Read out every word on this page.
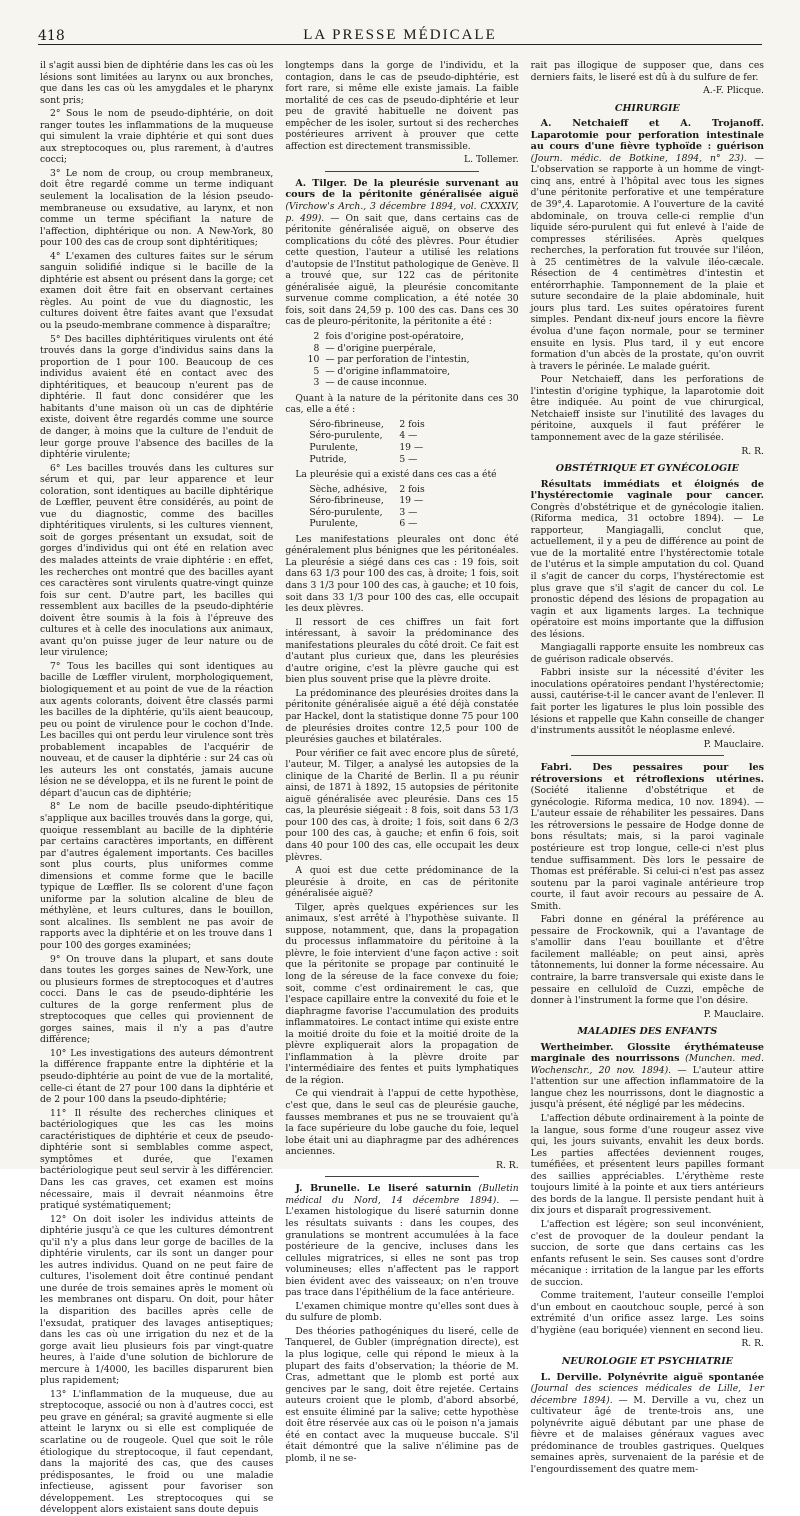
418	LA PRESSE MÉDICALE

il s'agit aussi bien de diphtérie dans les cas où les lésions sont limitées au larynx ou aux bronches, que dans les cas où les amygdales et le pharynx sont pris;

2° Sous le nom de pseudo-diphtérie, on doit ranger toutes les inflammations de la muqueuse qui simulent la vraie diphtérie et qui sont dues aux streptocoques ou, plus rarement, à d'autres cocci;

3° Le nom de croup, ou croup membraneux, doit être regardé comme un terme indiquant seulement la localisation de la lésion pseudo-membraneuse ou exsudative, au larynx, et non comme un terme spécifiant la nature de l'affection, diphtérique ou non. A New-York, 80 pour 100 des cas de croup sont diphtéritiques;

4° L'examen des cultures faites sur le sérum sanguin solidifié indique si le bacille de la diphtérie est absent ou présent dans la gorge; cet examen doit être fait en observant certaines règles. Au point de vue du diagnostic, les cultures doivent être faites avant que l'exsudat ou la pseudo-membrane commence à disparaître;

5° Des bacilles diphtéritiques virulents ont été trouvés dans la gorge d'individus sains dans la proportion de 1 pour 100. Beaucoup de ces individus avaient été en contact avec des diphtéritiques, et beaucoup n'eurent pas de diphtérie. Il faut donc considérer que les habitants d'une maison où un cas de diphtérie existe, doivent être regardés comme une source de danger, à moins que la culture de l'enduit de leur gorge prouve l'absence des bacilles de la diphtérie virulente;

6° Les bacilles trouvés dans les cultures sur sérum et qui, par leur apparence et leur coloration, sont identiques au bacille diphtérique de Lœffler, peuvent être considérés, au point de vue du diagnostic, comme des bacilles diphtéritiques virulents, si les cultures viennent, soit de gorges présentant un exsudat, soit de gorges d'individus qui ont été en relation avec des malades atteints de vraie diphtérie : en effet, les recherches ont montré que des bacilles ayant ces caractères sont virulents quatre-vingt quinze fois sur cent. D'autre part, les bacilles qui ressemblent aux bacilles de la pseudo-diphtérie doivent être soumis à la fois à l'épreuve des cultures et à celle des inoculations aux animaux, avant qu'on puisse juger de leur nature ou de leur virulence;

7° Tous les bacilles qui sont identiques au bacille de Lœffler virulent, morphologiquement, biologiquement et au point de vue de la réaction aux agents colorants, doivent être classés parmi les bacilles de la diphtérie, qu'ils aient beaucoup, peu ou point de virulence pour le cochon d'Inde. Les bacilles qui ont perdu leur virulence sont très probablement incapables de l'acquérir de nouveau, et de causer la diphtérie : sur 24 cas où les auteurs les ont constatés, jamais aucune lésion ne se développa, et ils ne furent le point de départ d'aucun cas de diphtérie;

8° Le nom de bacille pseudo-diphtéritique s'applique aux bacilles trouvés dans la gorge, qui, quoique ressemblant au bacille de la diphtérie par certains caractères importants, en diffèrent par d'autres également importants. Ces bacilles sont plus courts, plus uniformes comme dimensions et comme forme que le bacille typique de Lœffler. Ils se colorent d'une façon uniforme par la solution alcaline de bleu de méthylène, et leurs cultures, dans le bouillon, sont alcalines. Ils semblent ne pas avoir de rapports avec la diphtérie et on les trouve dans 1 pour 100 des gorges examinées;

9° On trouve dans la plupart, et sans doute dans toutes les gorges saines de New-York, une ou plusieurs formes de streptocoques et d'autres cocci. Dans le cas de pseudo-diphtérie les cultures de la gorge renferment plus de streptocoques que celles qui proviennent de gorges saines, mais il n'y a pas d'autre différence;

10° Les investigations des auteurs démontrent la différence frappante entre la diphtérie et la pseudo-diphtérie au point de vue de la mortalité, celle-ci étant de 27 pour 100 dans la diphtérie et de 2 pour 100 dans la pseudo-diphtérie;

11° Il résulte des recherches cliniques et bactériologiques que les cas les moins caractéristiques de diphtérie et ceux de pseudo-diphtérie sont si semblables comme aspect, symptômes et durée, que l'examen bactériologique peut seul servir à les différencier. Dans les cas graves, cet examen est moins nécessaire, mais il devrait néanmoins être pratiqué systématiquement;

12° On doit isoler les individus atteints de diphtérie jusqu'à ce que les cultures démontrent qu'il n'y a plus dans leur gorge de bacilles de la diphtérie virulents, car ils sont un danger pour les autres individus. Quand on ne peut faire de cultures, l'isolement doit être continué pendant une durée de trois semaines après le moment où les membranes ont disparu. On doit, pour hâter la disparition des bacilles après celle de l'exsudat, pratiquer des lavages antiseptiques; dans les cas où une irrigation du nez et de la gorge avait lieu plusieurs fois par vingt-quatre heures, à l'aide d'une solution de bichlorure de mercure à 1/4000, les bacilles disparurent bien plus rapidement;

13° L'inflammation de la muqueuse, due au streptocoque, associé ou non à d'autres cocci, est peu grave en général; sa gravité augmente si elle atteint le larynx ou si elle est compliquée de scarlatine ou de rougeole. Quel que soit le rôle étiologique du streptocoque, il faut cependant, dans la majorité des cas, que des causes prédisposantes, le froid ou une maladie infectieuse, agissent pour favoriser son développement. Les streptocoques qui se développent alors existaient sans doute depuis

longtemps dans la gorge de l'individu, et la contagion, dans le cas de pseudo-diphtérie, est fort rare, si même elle existe jamais. La faible mortalité de ces cas de pseudo-diphtérie et leur peu de gravité habituelle ne doivent pas empêcher de les isoler, surtout si des recherches postérieures arrivent à prouver que cette affection est directement transmissible.

L. Tollemer.

A. Tilger. De la pleurésie survenant au cours de la péritonite généralisée aiguë (Virchow's Arch., 3 décembre 1894, vol. CXXXIV, p. 499). — On sait que, dans certains cas de péritonite généralisée aiguë, on observe des complications du côté des plèvres. Pour étudier cette question, l'auteur a utilisé les relations d'autopsie de l'Institut pathologique de Genève. Il a trouvé que, sur 122 cas de péritonite généralisée aiguë, la pleurésie concomitante survenue comme complication, a été notée 30 fois, soit dans 24,59 p. 100 des cas. Dans ces 30 cas de pleuro-péritonite, la péritonite a été :

2 fois d'origine post-opératoire,
8 — d'origine puerpérale,
10 — par perforation de l'intestin,
5 — d'origine inflammatoire,
3 — de cause inconnue.

Quant à la nature de la péritonite dans ces 30 cas, elle a été :

Séro-fibrineuse,	2 fois
Séro-purulente,	4 —
Purulente,	19 —
Putride,	5 —

La pleurésie qui a existé dans ces cas a été

Sèche, adhésive,	2 fois
Séro-fibrineuse,	19 —
Séro-purulente,	3 —
Purulente,	6 —

Les manifestations pleurales ont donc été généralement plus bénignes que les péritonéales. La pleurésie a siégé dans ces cas : 19 fois, soit dans 63 1/3 pour 100 des cas, à droite; 1 fois, soit dans 3 1/3 pour 100 des cas, à gauche; et 10 fois, soit dans 33 1/3 pour 100 des cas, elle occupait les deux plèvres.

Il ressort de ces chiffres un fait fort intéressant, à savoir la prédominance des manifestations pleurales du côté droit. Ce fait est d'autant plus curieux que, dans les pleurésies d'autre origine, c'est la plèvre gauche qui est bien plus souvent prise que la plèvre droite.

La prédominance des pleurésies droites dans la péritonite généralisée aiguë a été déjà constatée par Hackel, dont la statistique donne 75 pour 100 de pleurésies droites contre 12,5 pour 100 de pleurésies gauches et bilatérales.

Pour vérifier ce fait avec encore plus de sûreté, l'auteur, M. Tilger, a analysé les autopsies de la clinique de la Charité de Berlin. Il a pu réunir ainsi, de 1871 à 1892, 15 autopsies de péritonite aiguë généralisée avec pleurésie. Dans ces 15 cas, la pleurésie siégeait : 8 fois, soit dans 53 1/3 pour 100 des cas, à droite; 1 fois, soit dans 6 2/3 pour 100 des cas, à gauche; et enfin 6 fois, soit dans 40 pour 100 des cas, elle occupait les deux plèvres.

A quoi est due cette prédominance de la pleurésie à droite, en cas de péritonite généralisée aiguë?

Tilger, après quelques expériences sur les animaux, s'est arrêté à l'hypothèse suivante. Il suppose, notamment, que, dans la propagation du processus inflammatoire du péritoine à la plèvre, le foie intervient d'une façon active : soit que la péritonite se propage par continuité le long de la séreuse de la face convexe du foie; soit, comme c'est ordinairement le cas, que l'espace capillaire entre la convexité du foie et le diaphragme favorise l'accumulation des produits inflammatoires. Le contact intime qui existe entre la moitié droite du foie et la moitié droite de la plèvre expliquerait alors la propagation de l'inflammation à la plèvre droite par l'intermédiaire des fentes et puits lymphatiques de la région.

Ce qui viendrait à l'appui de cette hypothèse, c'est que, dans le seul cas de pleurésie gauche, fausses membranes et pus ne se trouvaient qu'à la face supérieure du lobe gauche du foie, lequel lobe était uni au diaphragme par des adhérences anciennes.

R. R.

J. Brunelle. Le liseré saturnin (Bulletin médical du Nord, 14 décembre 1894). — L'examen histologique du liseré saturnin donne les résultats suivants : dans les coupes, des granulations se montrent accumulées à la face postérieure de la gencive, incluses dans les cellules migratrices, si elles ne sont pas trop volumineuses; elles n'affectent pas le rapport bien évident avec des vaisseaux; on n'en trouve pas trace dans l'épithélium de la face antérieure.

L'examen chimique montre qu'elles sont dues à du sulfure de plomb.

Des théories pathogéniques du liseré, celle de Tanquerel, de Gubler (imprégnation directe), est la plus logique, celle qui répond le mieux à la plupart des faits d'observation; la théorie de M. Cras, admettant que le plomb est porté aux gencives par le sang, doit être rejetée. Certains auteurs croient que le plomb, d'abord absorbé, est ensuite éliminé par la salive; cette hypothèse doit être réservée aux cas où le poison n'a jamais été en contact avec la muqueuse buccale. S'il était démontré que la salive n'élimine pas de plomb, il ne se-

rait pas illogique de supposer que, dans ces derniers faits, le liseré est dû à du sulfure de fer.

A.-F. Plicque.
CHIRURGIE

A. Netchaieff et A. Trojanoff. Laparotomie pour perforation intestinale au cours d'une fièvre typhoïde : guérison (Journ. médic. de Botkine, 1894, n° 23). — L'observation se rapporte à un homme de vingt-cinq ans, entré à l'hôpital avec tous les signes d'une péritonite perforative et une température de 39°,4. Laparotomie. A l'ouverture de la cavité abdominale, on trouva celle-ci remplie d'un liquide séro-purulent qui fut enlevé à l'aide de compresses stérilisées. Après quelques recherches, la perforation fut trouvée sur l'iléon, à 25 centimètres de la valvule iléo-cæcale. Résection de 4 centimètres d'intestin et entérorrhaphie. Tamponnement de la plaie et suture secondaire de la plaie abdominale, huit jours plus tard. Les suites opératoires furent simples. Pendant dix-neuf jours encore la fièvre évolua d'une façon normale, pour se terminer ensuite en lysis. Plus tard, il y eut encore formation d'un abcès de la prostate, qu'on ouvrit à travers le périnée. Le malade guérit.

Pour Netchaieff, dans les perforations de l'intestin d'origine typhique, la laparotomie doit être indiquée. Au point de vue chirurgical, Netchaieff insiste sur l'inutilité des lavages du péritoine, auxquels il faut préférer le tamponnement avec de la gaze stérilisée.

R. R.
OBSTÉTRIQUE ET GYNÉCOLOGIE

Résultats immédiats et éloignés de l'hystérectomie vaginale pour cancer. Congrès d'obstétrique et de gynécologie italien. (Riforma medica, 31 octobre 1894). — Le rapporteur, Mangiagalli, conclut que, actuellement, il y a peu de différence au point de vue de la mortalité entre l'hystérectomie totale de l'utérus et la simple amputation du col. Quand il s'agit de cancer du corps, l'hystérectomie est plus grave que s'il s'agit de cancer du col. Le pronostic dépend des lésions de propagation au vagin et aux ligaments larges. La technique opératoire est moins importante que la diffusion des lésions.

Mangiagalli rapporte ensuite les nombreux cas de guérison radicale observés.

Fabbri insiste sur la nécessité d'éviter les inoculations opératoires pendant l'hystérectomie; aussi, cautérise-t-il le cancer avant de l'enlever. Il fait porter les ligatures le plus loin possible des lésions et rappelle que Kahn conseille de changer d'instruments aussitôt le néoplasme enlevé.

P. Mauclaire.

Fabri. Des pessaires pour les rétroversions et rétroflexions utérines. (Société italienne d'obstétrique et de gynécologie. Riforma medica, 10 nov. 1894). — L'auteur essaie de réhabiliter les pessaires. Dans les rétroversions le pessaire de Hodge donne de bons résultats; mais, si la paroi vaginale postérieure est trop longue, celle-ci n'est plus tendue suffisamment. Dès lors le pessaire de Thomas est préférable. Si celui-ci n'est pas assez soutenu par la paroi vaginale antérieure trop courte, il faut avoir recours au pessaire de A. Smith.

Fabri donne en général la préférence au pessaire de Frockownik, qui a l'avantage de s'amollir dans l'eau bouillante et d'être facilement malléable; on peut ainsi, après tâtonnements, lui donner la forme nécessaire. Au contraire, la barre transversale qui existe dans le pessaire en celluloïd de Cuzzi, empêche de donner à l'instrument la forme que l'on désire.

P. Mauclaire.
MALADIES DES ENFANTS

Wertheimber. Glossite érythémateuse marginale des nourrissons (Munchen. med. Wochenschr., 20 nov. 1894). — L'auteur attire l'attention sur une affection inflammatoire de la langue chez les nourrissons, dont le diagnostic a jusqu'à présent, été négligé par les médecins.

L'affection débute ordinairement à la pointe de la langue, sous forme d'une rougeur assez vive qui, les jours suivants, envahit les deux bords. Les parties affectées deviennent rouges, tuméfiées, et présentent leurs papilles formant des saillies appréciables. L'érythème reste toujours limité à la pointe et aux tiers antérieurs des bords de la langue. Il persiste pendant huit à dix jours et disparaît progressivement.

L'affection est légère; son seul inconvénient, c'est de provoquer de la douleur pendant la succion, de sorte que dans certains cas les enfants refusent le sein. Ses causes sont d'ordre mécanique : irritation de la langue par les efforts de succion.

Comme traitement, l'auteur conseille l'emploi d'un embout en caoutchouc souple, percé à son extrémité d'un orifice assez large. Les soins d'hygiène (eau boriquée) viennent en second lieu.

R. R.
NEUROLOGIE ET PSYCHIATRIE

L. Derville. Polynévrite aiguë spontanée (Journal des sciences médicales de Lille, 1er décembre 1894). — M. Derville a vu, chez un cultivateur âgé de trente-trois ans, une polynévrite aiguë débutant par une phase de fièvre et de malaises généraux vagues avec prédominance de troubles gastriques. Quelques semaines après, survenaient de la parésie et de l'engourdissement des quatre mem-
